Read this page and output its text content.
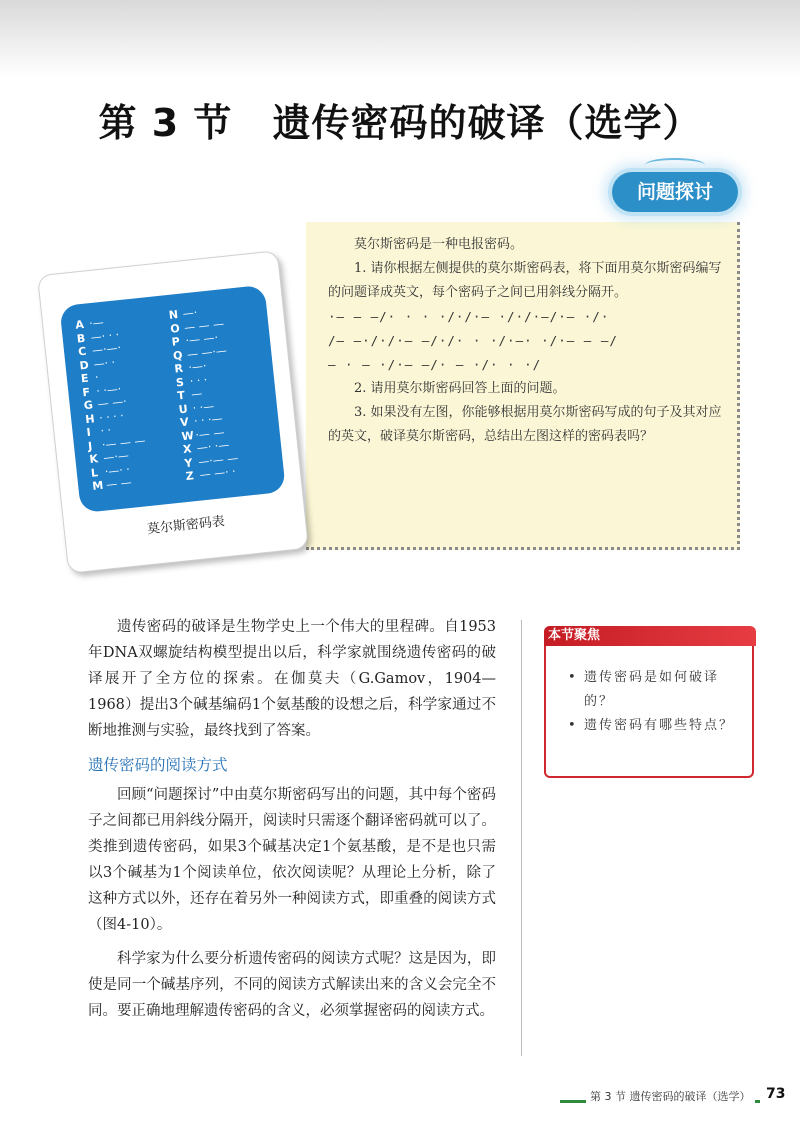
第 3 节 遗传密码的破译（选学）
问题探讨

莫尔斯密码是一种电报密码。

1. 请你根据左侧提供的莫尔斯密码表，将下面用莫尔斯密码编写的问题译成英文，每个密码子之间已用斜线分隔开。

·— — —/· · · ·/·/·— ·/·/·—/·— ·/·
/— —·/·/·— —/·/· · ·/·—· ·/·— — —/
— · — ·/·— —/· — ·/· · ·/

2. 请用莫尔斯密码回答上面的问题。

3. 如果没有左图，你能够根据用莫尔斯密码写成的句子及其对应的英文，破译莫尔斯密码，总结出左图这样的密码表吗？

A ·—
B —· · ·
C —·—·
D —· ·
E ·
F · ·—·
G — —·
H · · · ·
I · ·
J ·— — —
K —·—
L ·—· ·
M — —
N —·
O — — —
P ·— —·
Q — —·—
R ·—·
S · · ·
T —
U · ·—
V · · ·—
W·— —
X —· ·—
Y —·— —
Z — —· ·
莫尔斯密码表

遗传密码的破译是生物学史上一个伟大的里程碑。自1953年DNA双螺旋结构模型提出以后，科学家就围绕遗传密码的破译展开了全方位的探索。在伽莫夫（G.Gamov，1904—1968）提出3个碱基编码1个氨基酸的设想之后，科学家通过不断地推测与实验，最终找到了答案。

遗传密码的阅读方式

回顾“问题探讨”中由莫尔斯密码写出的问题，其中每个密码子之间都已用斜线分隔开，阅读时只需逐个翻译密码就可以了。类推到遗传密码，如果3个碱基决定1个氨基酸，是不是也只需以3个碱基为1个阅读单位，依次阅读呢？从理论上分析，除了这种方式以外，还存在着另外一种阅读方式，即重叠的阅读方式（图4-10）。

科学家为什么要分析遗传密码的阅读方式呢？这是因为，即使是同一个碱基序列，不同的阅读方式解读出来的含义会完全不同。要正确地理解遗传密码的含义，必须掌握密码的阅读方式。

本节聚焦
• 遗传密码是如何破译的？
• 遗传密码有哪些特点？
第 3 节 遗传密码的破译（选学） 73
